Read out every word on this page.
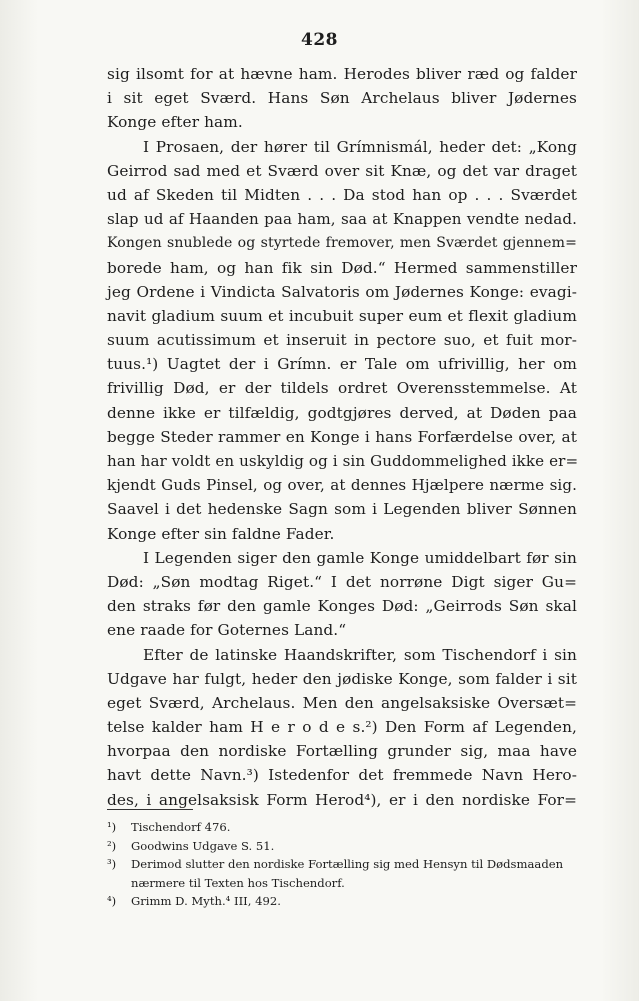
428
sig ilsomt for at hævne ham. Herodes bliver ræd og falder
i sit eget Sværd. Hans Søn Archelaus bliver Jødernes
Konge efter ham.
I Prosaen, der hører til Grímnismál, heder det: „Kong
Geirrod sad med et Sværd over sit Knæ, og det var draget
ud af Skeden til Midten . . . Da stod han op . . . Sværdet
slap ud af Haanden paa ham, saa at Knappen vendte nedad.
Kongen snublede og styrtede fremover, men Sværdet gjennem=
borede ham, og han fik sin Død.“ Hermed sammenstiller
jeg Ordene i Vindicta Salvatoris om Jødernes Konge: evagi-
navit gladium suum et incubuit super eum et flexit gladium
suum acutissimum et inseruit in pectore suo, et fuit mor-
tuus.¹) Uagtet der i Grímn. er Tale om ufrivillig, her om
frivillig Død, er der tildels ordret Overensstemmelse. At
denne ikke er tilfældig, godtgjøres derved, at Døden paa
begge Steder rammer en Konge i hans Forfærdelse over, at
han har voldt en uskyldig og i sin Guddommelighed ikke er=
kjendt Guds Pinsel, og over, at dennes Hjælpere nærme sig.
Saavel i det hedenske Sagn som i Legenden bliver Sønnen
Konge efter sin faldne Fader.
I Legenden siger den gamle Konge umiddelbart før sin
Død: „Søn modtag Riget.“ I det norrøne Digt siger Gu=
den straks før den gamle Konges Død: „Geirrods Søn skal
ene raade for Goternes Land.“
Efter de latinske Haandskrifter, som Tischendorf i sin
Udgave har fulgt, heder den jødiske Konge, som falder i sit
eget Sværd, Archelaus. Men den angelsaksiske Oversæt=
telse kalder ham H e r o d e s.²) Den Form af Legenden,
hvorpaa den nordiske Fortælling grunder sig, maa have
havt dette Navn.³) Istedenfor det fremmede Navn Hero-
des, i angelsaksisk Form Herod⁴), er i den nordiske For=
¹) Tischendorf 476.
²) Goodwins Udgave S. 51.
³) Derimod slutter den nordiske Fortælling sig med Hensyn til Dødsmaaden
nærmere til Texten hos Tischendorf.
⁴) Grimm D. Myth.⁴ III, 492.
